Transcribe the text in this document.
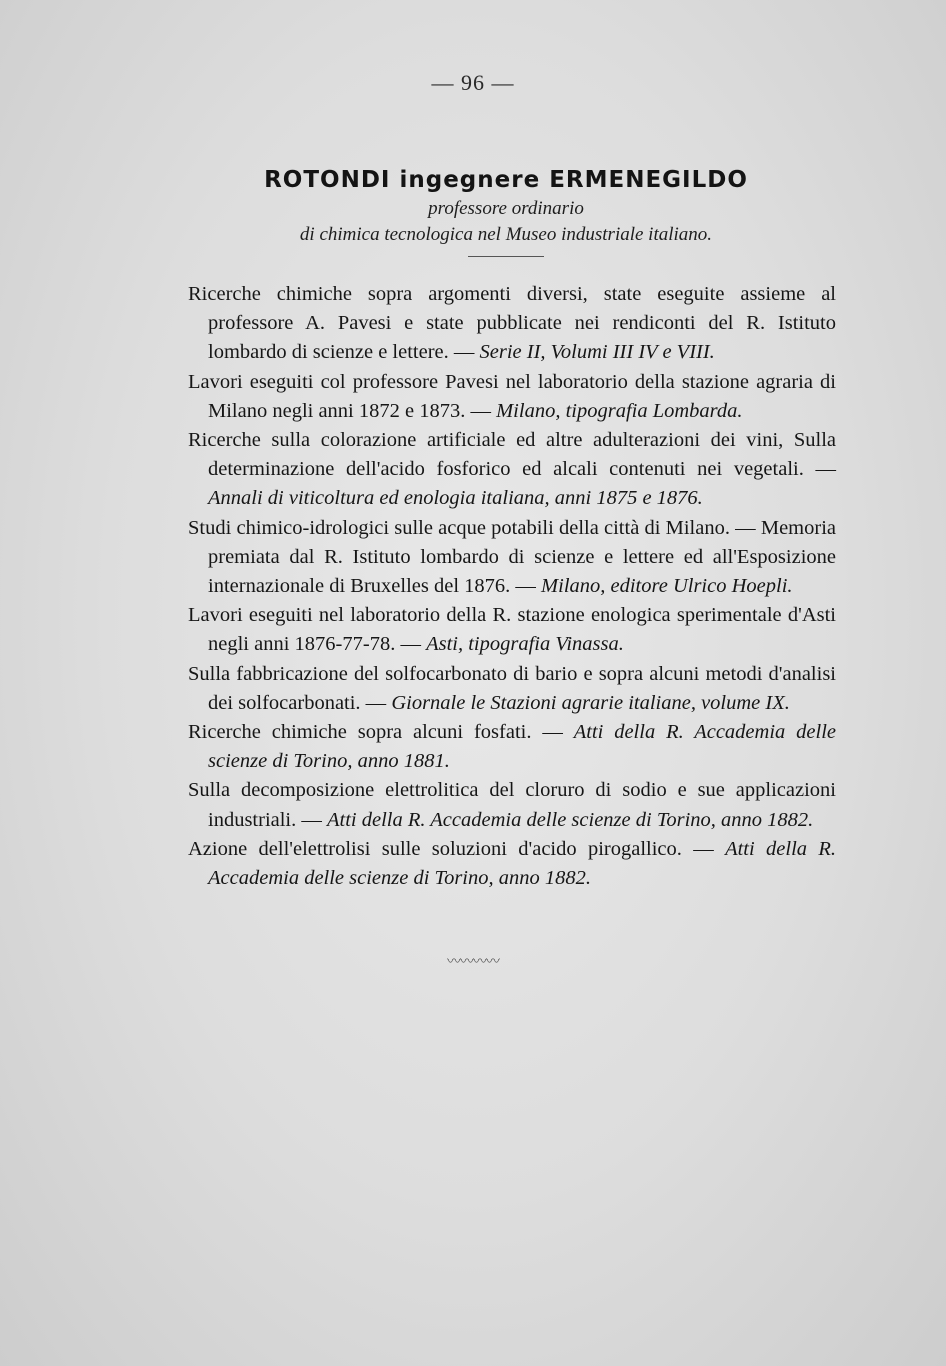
— 96 —

ROTONDI ingegnere ERMENEGILDO

professore ordinario

di chimica tecnologica nel Museo industriale italiano.

Ricerche chimiche sopra argomenti diversi, state eseguite assieme al professore A. Pavesi e state pubblicate nei rendiconti del R. Istituto lombardo di scienze e lettere. — Serie II, Volumi III IV e VIII.
Lavori eseguiti col professore Pavesi nel laboratorio della stazione agraria di Milano negli anni 1872 e 1873. — Milano, tipografia Lombarda.
Ricerche sulla colorazione artificiale ed altre adulterazioni dei vini, Sulla determinazione dell'acido fosforico ed alcali contenuti nei vegetali. — Annali di viticoltura ed enologia italiana, anni 1875 e 1876.
Studi chimico-idrologici sulle acque potabili della città di Milano. — Memoria premiata dal R. Istituto lombardo di scienze e lettere ed all'Esposizione internazionale di Bruxelles del 1876. — Milano, editore Ulrico Hoepli.
Lavori eseguiti nel laboratorio della R. stazione enologica sperimentale d'Asti negli anni 1876-77-78. — Asti, tipografia Vinassa.
Sulla fabbricazione del solfocarbonato di bario e sopra alcuni metodi d'analisi dei solfocarbonati. — Giornale le Stazioni agrarie italiane, volume IX.
Ricerche chimiche sopra alcuni fosfati. — Atti della R. Accademia delle scienze di Torino, anno 1881.
Sulla decomposizione elettrolitica del cloruro di sodio e sue applicazioni industriali. — Atti della R. Accademia delle scienze di Torino, anno 1882.
Azione dell'elettrolisi sulle soluzioni d'acido pirogallico. — Atti della R. Accademia delle scienze di Torino, anno 1882.
〰〰〰〰
